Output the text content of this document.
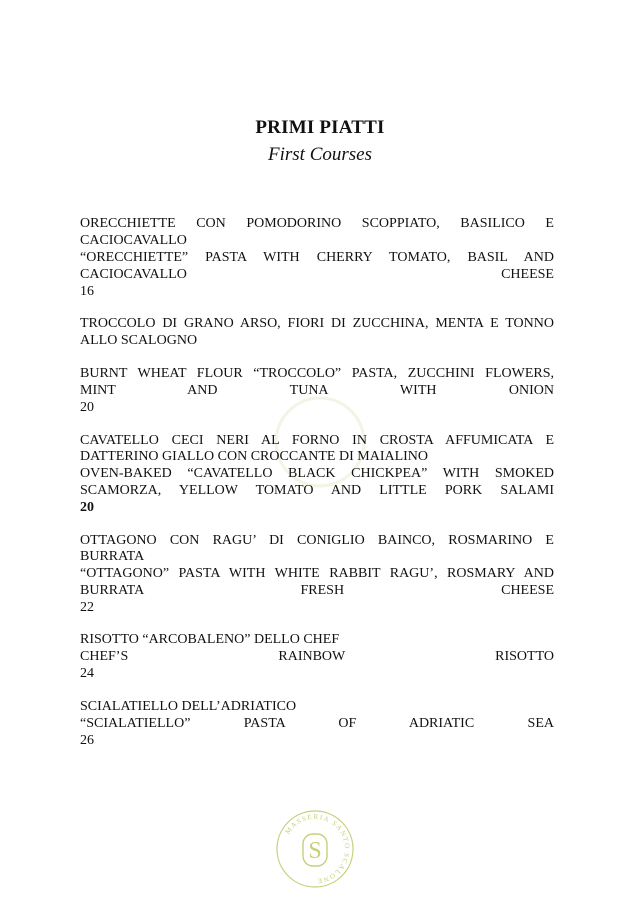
PRIMI PIATTI
First Courses
ORECCHIETTE CON POMODORINO SCOPPIATO, BASILICO E
CACIOCAVALLO
“ORECCHIETTE” PASTA WITH CHERRY TOMATO, BASIL AND
CACIOCAVALLO CHEESE
16
TROCCOLO DI GRANO ARSO, FIORI DI ZUCCHINA, MENTA E TONNO
ALLO SCALOGNO
BURNT WHEAT FLOUR “TROCCOLO” PASTA, ZUCCHINI FLOWERS,
MINT AND TUNA WITH ONION
20
CAVATELLO CECI NERI AL FORNO IN CROSTA AFFUMICATA E
DATTERINO GIALLO CON CROCCANTE DI MAIALINO
OVEN-BAKED “CAVATELLO BLACK CHICKPEA” WITH SMOKED
SCAMORZA, YELLOW TOMATO AND LITTLE PORK SALAMI
20
OTTAGONO CON RAGU’ DI CONIGLIO BAINCO, ROSMARINO E
BURRATA
“OTTAGONO” PASTA WITH WHITE RABBIT RAGU’, ROSMARY AND
BURRATA FRESH CHEESE
22
RISOTTO “ARCOBALENO” DELLO CHEF
CHEF’S RAINBOW RISOTTO
24
SCIALATIELLO DELL’ADRIATICO
“SCIALATIELLO” PASTA OF ADRIATIC SEA
26
MASSERIA SANTO SCALONE
S
